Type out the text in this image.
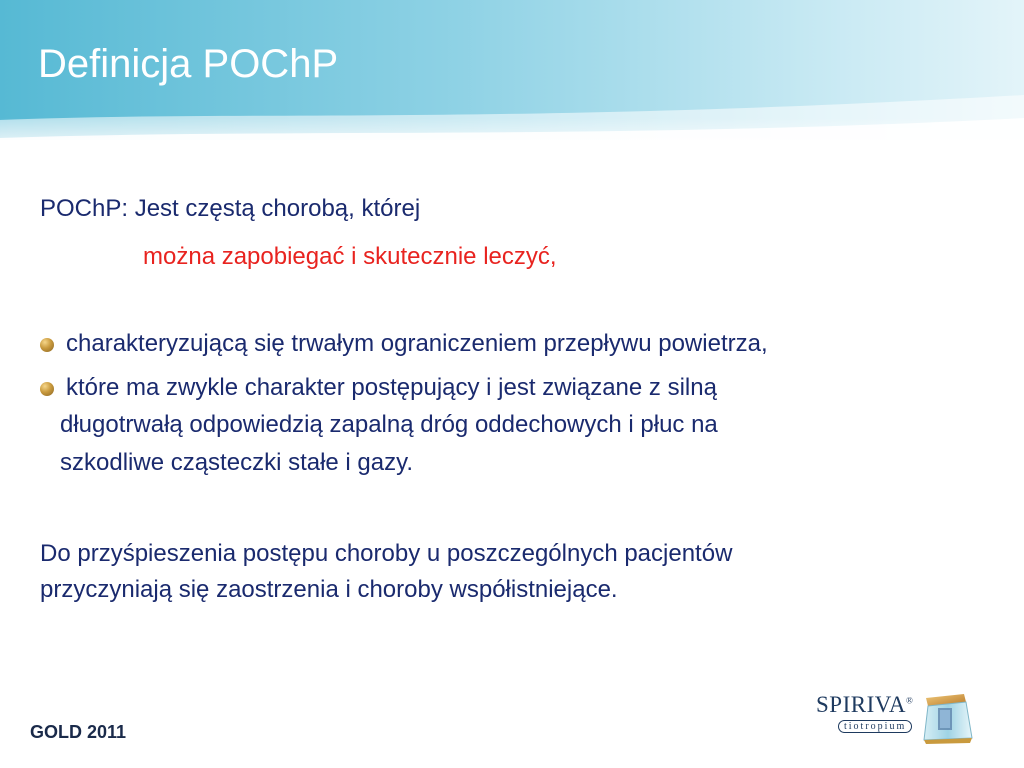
Definicja POChP
POChP: Jest częstą chorobą, której
można zapobiegać i skutecznie leczyć,
charakteryzującą się trwałym ograniczeniem przepływu powietrza,
które ma zwykle charakter postępujący i jest związane z silną
długotrwałą odpowiedzią zapalną dróg oddechowych i płuc na
szkodliwe cząsteczki stałe i gazy.
Do przyśpieszenia postępu choroby u poszczególnych pacjentów
przyczyniają się zaostrzenia i choroby współistniejące.
GOLD 2011
SPIRIVA®
tiotropium
